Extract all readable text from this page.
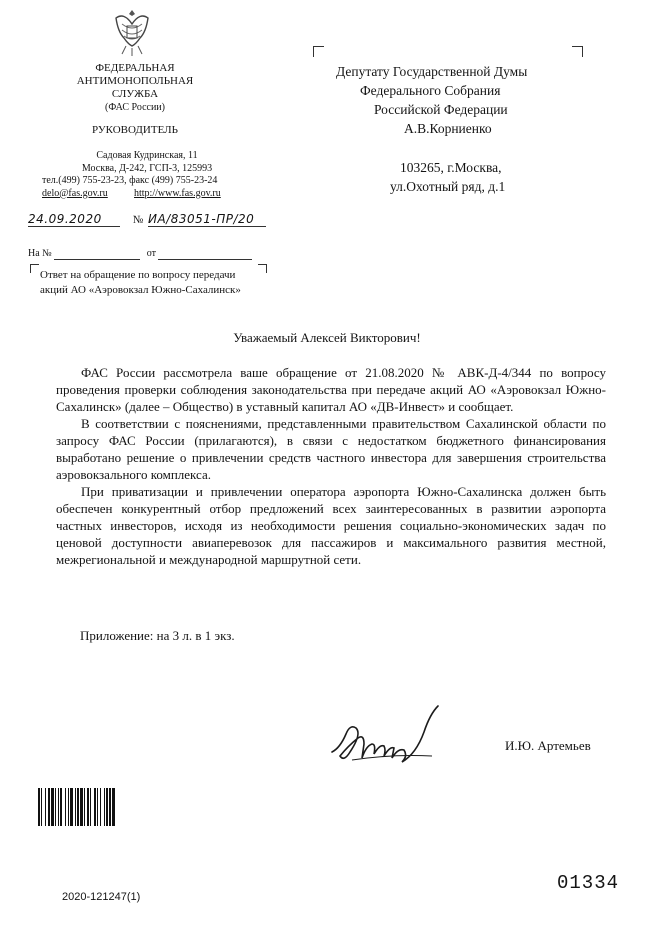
ФЕДЕРАЛЬНАЯ
АНТИМОНОПОЛЬНАЯ
СЛУЖБА
(ФАС России)
РУКОВОДИТЕЛЬ
Садовая Кудринская, 11
Москва, Д-242, ГСП-3, 125993
тел.(499) 755-23-23, факс (499) 755-23-24
delo@fas.gov.ru	http://www.fas.gov.ru
24.09.2020	№ ИА/83051-ПР/20
На №	от
Ответ на обращение по вопросу передачи акций АО «Аэровокзал Южно-Сахалинск»
Депутату Государственной Думы
Федерального Собрания
Российской Федерации
А.В.Корниенко
103265, г.Москва,
ул.Охотный ряд, д.1
Уважаемый Алексей Викторович!

ФАС России рассмотрела ваше обращение от 21.08.2020 № АВК-Д-4/344 по вопросу проведения проверки соблюдения законодательства при передаче акций АО «Аэровокзал Южно-Сахалинск» (далее – Общество) в уставный капитал АО «ДВ-Инвест» и сообщает.

В соответствии с пояснениями, представленными правительством Сахалинской области по запросу ФАС России (прилагаются), в связи с недостатком бюджетного финансирования выработано решение о привлечении средств частного инвестора для завершения строительства аэровокзального комплекса.

При приватизации и привлечении оператора аэропорта Южно-Сахалинска должен быть обеспечен конкурентный отбор предложений всех заинтересованных в развитии аэропорта частных инвесторов, исходя из необходимости решения социально-экономических задач по ценовой доступности авиаперевозок для пассажиров и максимального развития местной, межрегиональной и международной маршрутной сети.

Приложение: на 3 л. в 1 экз.
И.Ю. Артемьев
2020-121247(1)
01334
